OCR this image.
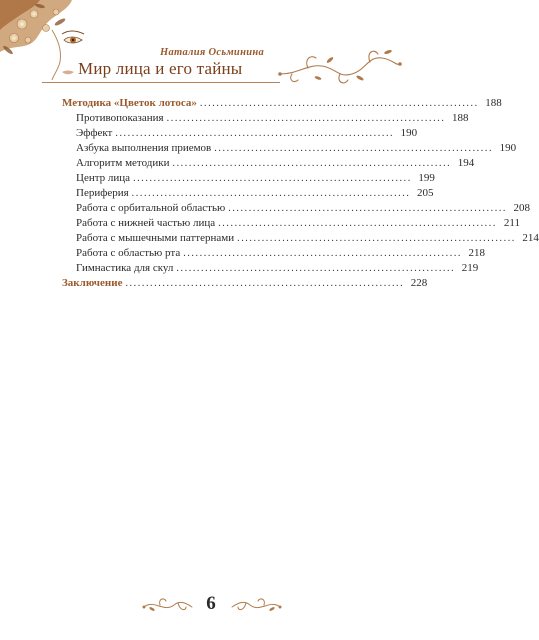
Наталия Осьминина
Мир лица и его тайны
Методика «Цветок лотоса» .................................................................... 188
Противопоказания .................................................................... 188
Эффект .................................................................... 190
Азбука выполнения приемов .................................................................... 190
Алгоритм методики .................................................................... 194
Центр лица .................................................................... 199
Периферия .................................................................... 205
Работа с орбитальной областью .................................................................... 208
Работа с нижней частью лица .................................................................... 211
Работа с мышечными паттернами .................................................................... 214
Работа с областью рта .................................................................... 218
Гимнастика для скул .................................................................... 219
Заключение .................................................................... 228
6
